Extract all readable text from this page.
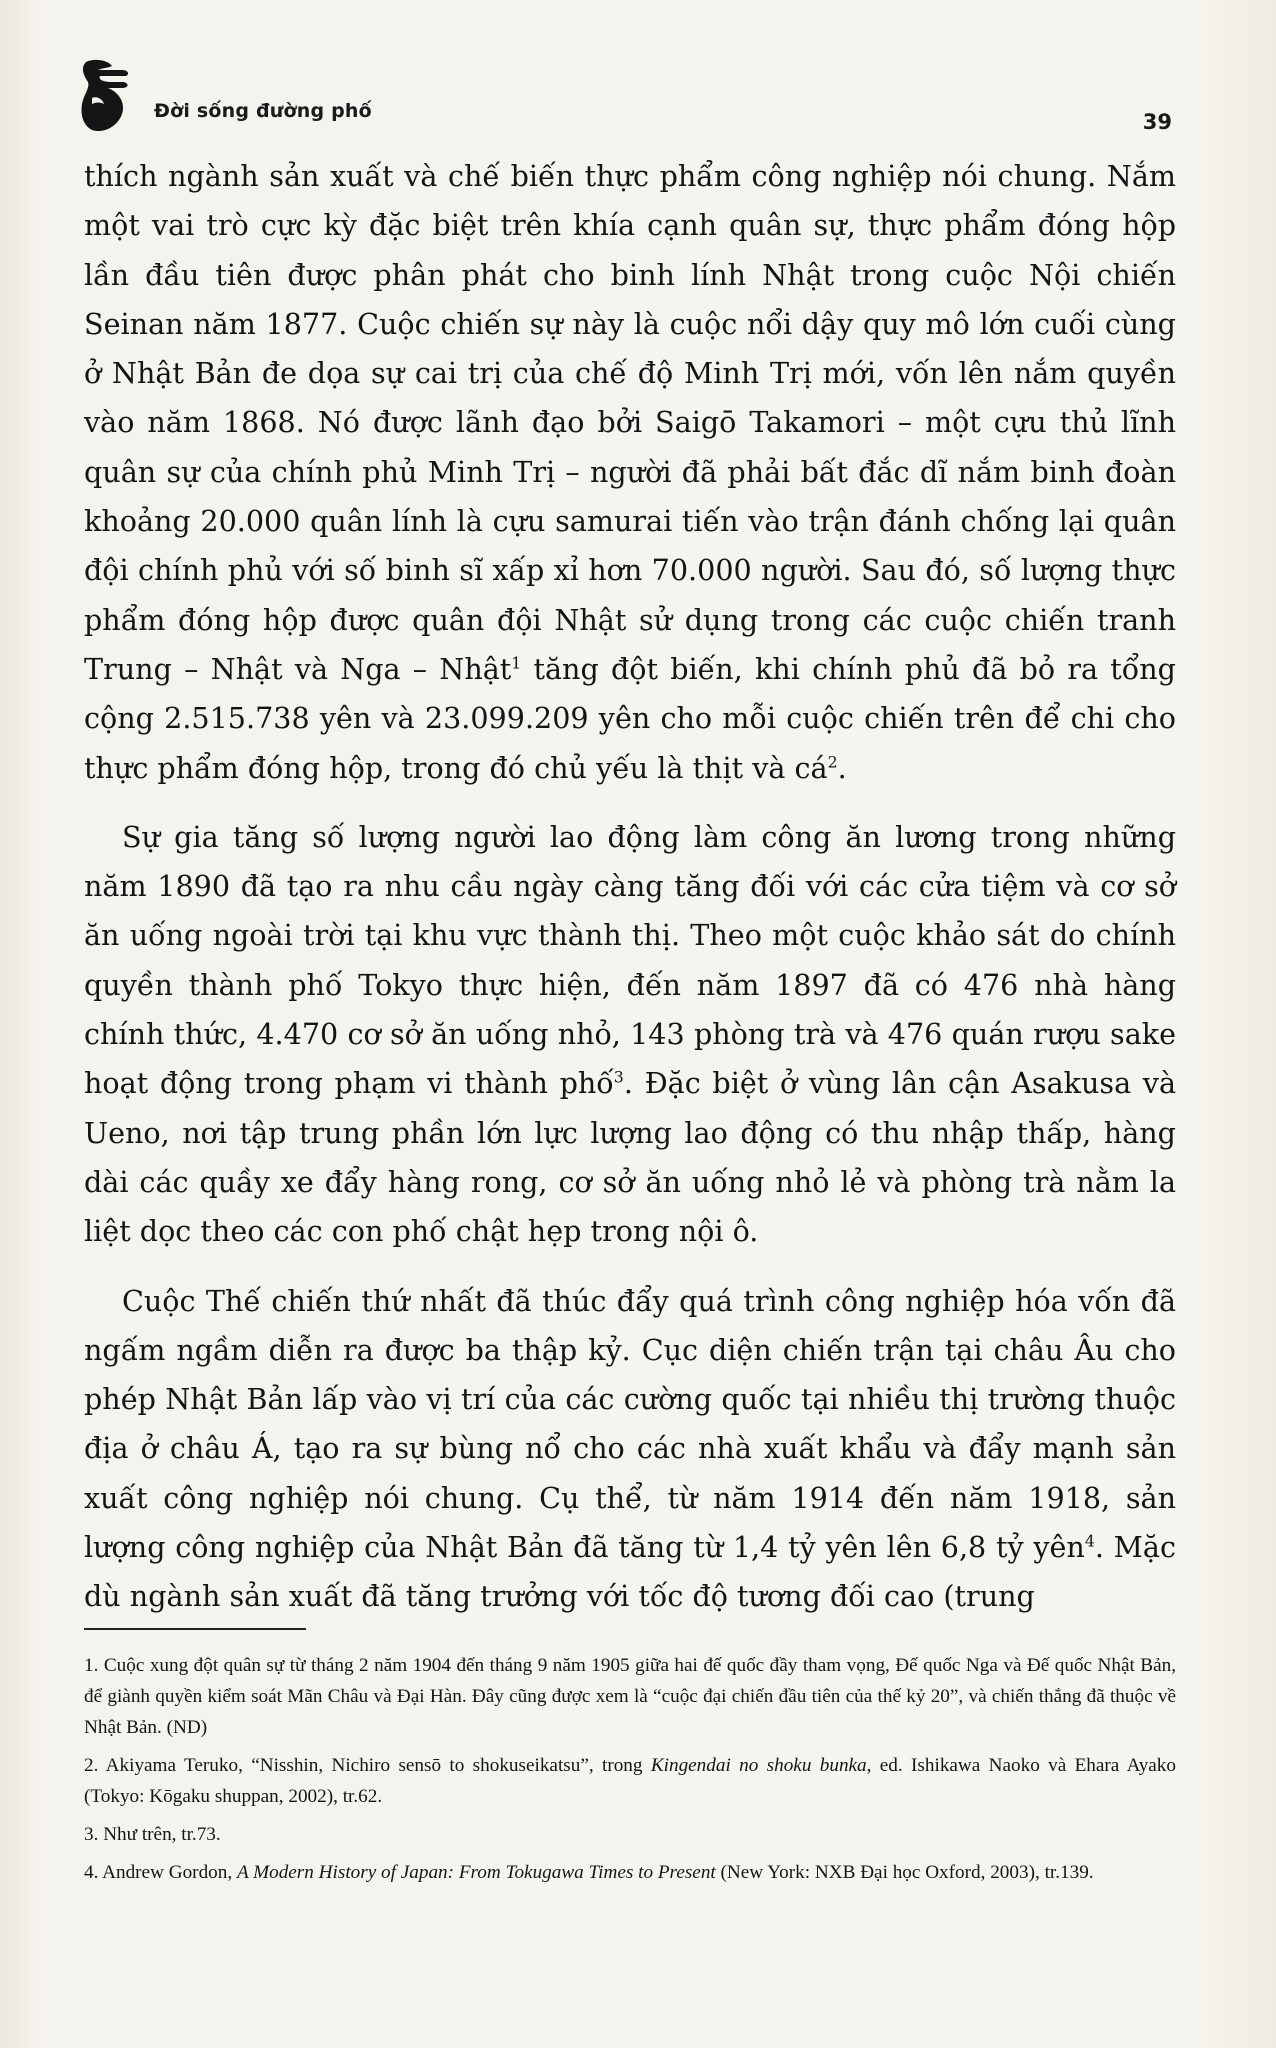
Đời sống đường phố	39

thích ngành sản xuất và chế biến thực phẩm công nghiệp nói chung. Nắm một vai trò cực kỳ đặc biệt trên khía cạnh quân sự, thực phẩm đóng hộp lần đầu tiên được phân phát cho binh lính Nhật trong cuộc Nội chiến Seinan năm 1877. Cuộc chiến sự này là cuộc nổi dậy quy mô lớn cuối cùng ở Nhật Bản đe dọa sự cai trị của chế độ Minh Trị mới, vốn lên nắm quyền vào năm 1868. Nó được lãnh đạo bởi Saigō Takamori – một cựu thủ lĩnh quân sự của chính phủ Minh Trị – người đã phải bất đắc dĩ nắm binh đoàn khoảng 20.000 quân lính là cựu samurai tiến vào trận đánh chống lại quân đội chính phủ với số binh sĩ xấp xỉ hơn 70.000 người. Sau đó, số lượng thực phẩm đóng hộp được quân đội Nhật sử dụng trong các cuộc chiến tranh Trung – Nhật và Nga – Nhật$^1$ tăng đột biến, khi chính phủ đã bỏ ra tổng cộng 2.515.738 yên và 23.099.209 yên cho mỗi cuộc chiến trên để chi cho thực phẩm đóng hộp, trong đó chủ yếu là thịt và $cá^2$.

Sự gia tăng số lượng người lao động làm công ăn lương trong những năm 1890 đã tạo ra nhu cầu ngày càng tăng đối với các cửa tiệm và cơ sở ăn uống ngoài trời tại khu vực thành thị. Theo một cuộc khảo sát do chính quyền thành phố Tokyo thực hiện, đến năm 1897 đã có 476 nhà hàng chính thức, 4.470 cơ sở ăn uống nhỏ, 143 phòng trà và 476 quán rượu sake hoạt động trong phạm vi thành phố$^3$. Đặc biệt ở vùng lân cận Asakusa và Ueno, nơi tập trung phần lớn lực lượng lao động có thu nhập thấp, hàng dài các quầy xe đẩy hàng rong, cơ sở ăn uống nhỏ lẻ và phòng trà nằm la liệt dọc theo các con phố chật hẹp trong nội ô.

Cuộc Thế chiến thứ nhất đã thúc đẩy quá trình công nghiệp hóa vốn đã ngấm ngầm diễn ra được ba thập kỷ. Cục diện chiến trận tại châu Âu cho phép Nhật Bản lấp vào vị trí của các cường quốc tại nhiều thị trường thuộc địa ở châu Á, tạo ra sự bùng nổ cho các nhà xuất khẩu và đẩy mạnh sản xuất công nghiệp nói chung. Cụ thể, từ năm 1914 đến năm 1918, sản lượng công nghiệp của Nhật Bản đã tăng từ 1,4 tỷ yên lên 6,8 tỷ yên$^4$. Mặc dù ngành sản xuất đã tăng trưởng với tốc độ tương đối cao (trung

1. Cuộc xung đột quân sự từ tháng 2 năm 1904 đến tháng 9 năm 1905 giữa hai đế quốc đầy tham vọng, Đế quốc Nga và Đế quốc Nhật Bản, để giành quyền kiểm soát Mãn Châu và Đại Hàn. Đây cũng được xem là “cuộc đại chiến đầu tiên của thế kỷ 20”, và chiến thắng đã thuộc về Nhật Bản. (ND)

2. Akiyama Teruko, “Nisshin, Nichiro sensō to shokuseikatsu”, trong Kingendai no shoku bunka, ed. Ishikawa Naoko và Ehara Ayako (Tokyo: Kōgaku shuppan, 2002), tr.62.

3. Như trên, tr.73.

4. Andrew Gordon, A Modern History of Japan: From Tokugawa Times to Present (New York: NXB Đại học Oxford, 2003), tr.139.
